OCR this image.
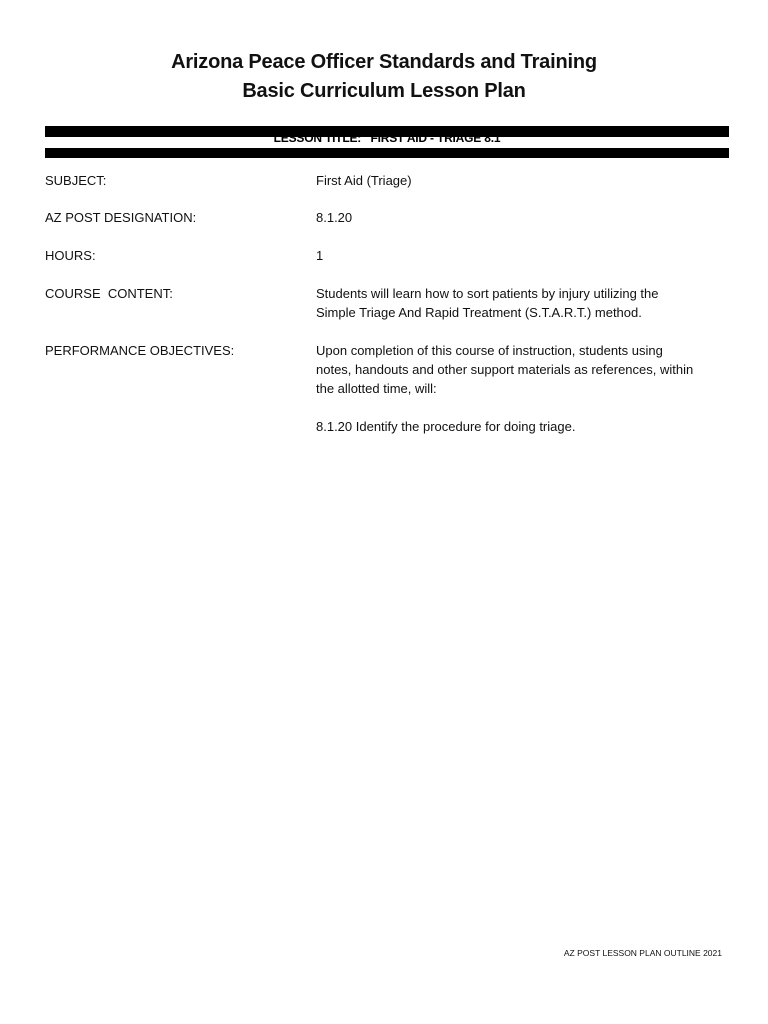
Arizona Peace Officer Standards and Training
Basic Curriculum Lesson Plan
LESSON TITLE:   FIRST AID - TRIAGE 8.1
SUBJECT:	First Aid (Triage)
AZ POST DESIGNATION:	8.1.20
HOURS:	1
COURSE  CONTENT:	Students will learn how to sort patients by injury utilizing the
Simple Triage And Rapid Treatment (S.T.A.R.T.) method.
PERFORMANCE OBJECTIVES:	Upon completion of this course of instruction, students using
notes, handouts and other support materials as references, within
the allotted time, will:
8.1.20 Identify the procedure for doing triage.
AZ POST LESSON PLAN OUTLINE 2021
